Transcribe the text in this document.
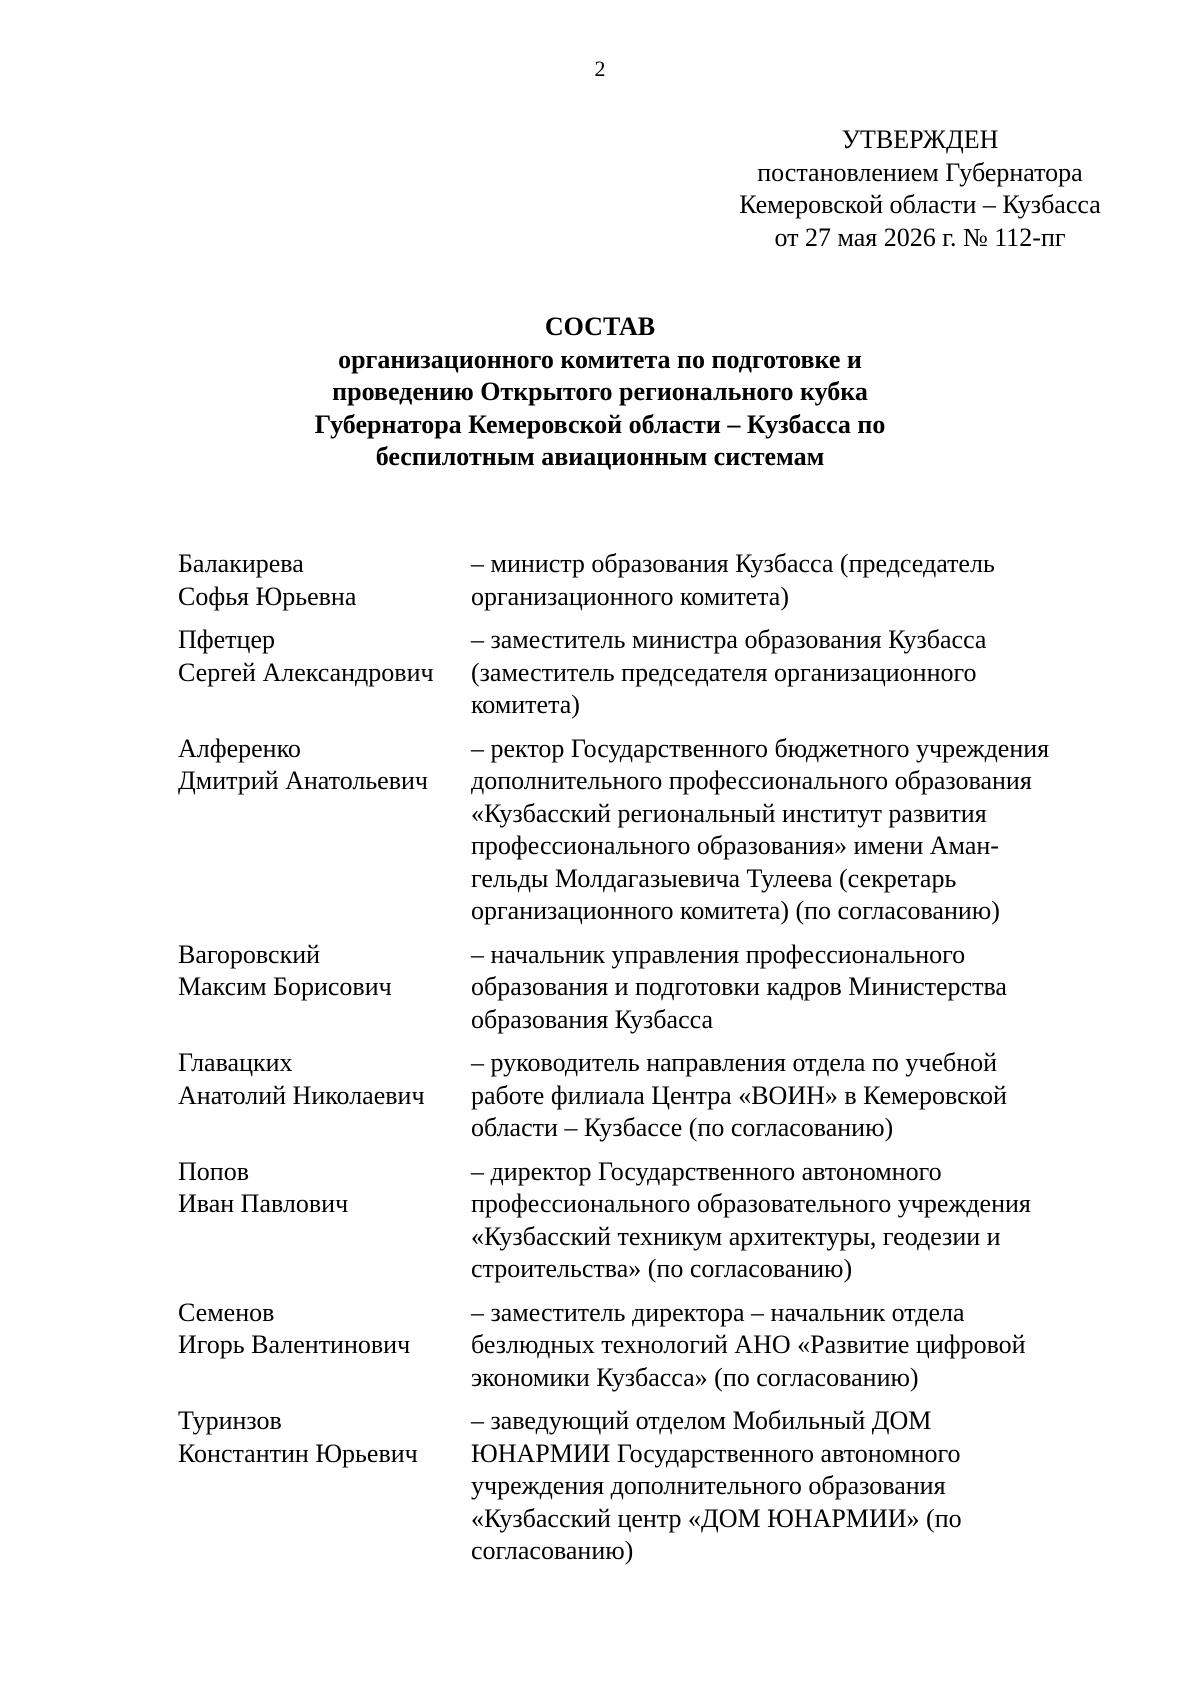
2
УТВЕРЖДЕН
постановлением Губернатора
Кемеровской области – Кузбасса
от 27 мая 2026 г. № 112-пг
СОСТАВ
организационного комитета по подготовке и
проведению Открытого регионального кубка
Губернатора Кемеровской области – Кузбасса по
беспилотным авиационным системам
Балакирева
Софья Юрьевна
– министр образования Кузбасса (председатель
организационного комитета)
Пфетцер
Сергей Александрович
– заместитель министра образования Кузбасса
(заместитель председателя организационного
комитета)
Алференко
Дмитрий Анатольевич
– ректор Государственного бюджетного учреждения
дополнительного профессионального образования
«Кузбасский региональный институт развития
профессионального образования» имени Аман-
гельды Молдагазыевича Тулеева (секретарь
организационного комитета) (по согласованию)
Вагоровский
Максим Борисович
– начальник управления профессионального
образования и подготовки кадров Министерства
образования Кузбасса
Главацких
Анатолий Николаевич
– руководитель направления отдела по учебной
работе филиала Центра «ВОИН» в Кемеровской
области – Кузбассе (по согласованию)
Попов
Иван Павлович
– директор Государственного автономного
профессионального образовательного учреждения
«Кузбасский техникум архитектуры, геодезии и
строительства» (по согласованию)
Семенов
Игорь Валентинович
– заместитель директора – начальник отдела
безлюдных технологий АНО «Развитие цифровой
экономики Кузбасса» (по согласованию)
Туринзов
Константин Юрьевич
– заведующий отделом Мобильный ДОМ
ЮНАРМИИ Государственного автономного
учреждения дополнительного образования
«Кузбасский центр «ДОМ ЮНАРМИИ» (по
согласованию)
